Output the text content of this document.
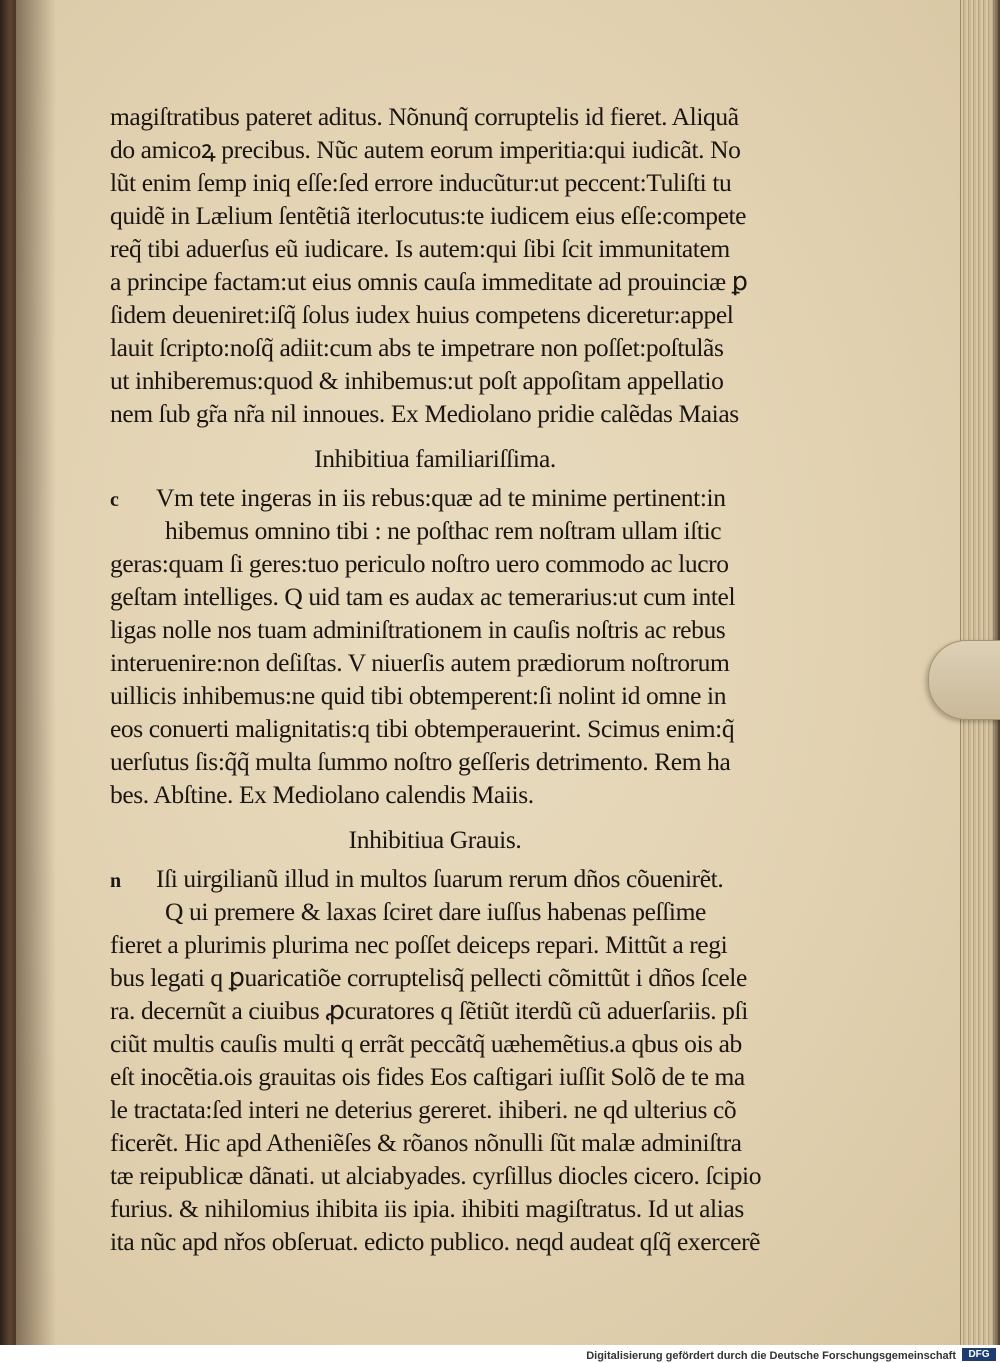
magiſtratibus pateret aditus. Nõnunq̃ corruptelis id fieret. Aliquã
do amicoꝝ precibus. Nũc autem eorum imperitia:qui iudicãt. No
lũt enim ſemp iniq eſſe:ſed errore inducũtur:ut peccent:Tuliſti tu
quidẽ in Lælium ſentẽtiã iterlocutus:te iudicem eius eſſe:compete
req̃ tibi aduerſus eũ iudicare. Is autem:qui ſibi ſcit immunitatem
a principe factam:ut eius omnis cauſa immeditate ad prouinciæ ꝑ
ſidem deueniret:iſq̃ ſolus iudex huius competens diceretur:appel
lauit ſcripto:noſq̃ adiit:cum abs te impetrare non poſſet:poſtulãs
ut inhiberemus:quod & inhibemus:ut poſt appoſitam appellatio
nem ſub gr̃a nr̃a nil innoues. Ex Mediolano pridie calẽdas Maias
Inhibitiua familiariſſima.
c Vm tete ingeras in iis rebus:quæ ad te minime pertinent:in
hibemus omnino tibi : ne poſthac rem noſtram ullam iſtic
geras:quam ſi geres:tuo periculo noſtro uero commodo ac lucro
geſtam intelliges. Q uid tam es audax ac temerarius:ut cum intel
ligas nolle nos tuam adminiſtrationem in cauſis noſtris ac rebus
interuenire:non deſiſtas. V niuerſis autem prædiorum noſtrorum
uillicis inhibemus:ne quid tibi obtemperent:ſi nolint id omne in
eos conuerti malignitatis:q tibi obtemperauerint. Scimus enim:q̃
uerſutus ſis:q̃q̃ multa ſummo noſtro geſſeris detrimento. Rem ha
bes. Abſtine. Ex Mediolano calendis Maiis.
Inhibitiua Grauis.
n Iſi uirgilianũ illud in multos ſuarum rerum dños cõuenirẽt.
Q ui premere & laxas ſciret dare iuſſus habenas peſſime
fieret a plurimis plurima nec poſſet deiceps repari. Mittũt a regi
bus legati q ꝑuaricatiõe corruptelisq̃ pellecti cõmittũt i dños ſcele
ra. decernũt a ciuibus ꝓcuratores q ſẽtiũt iterdũ cũ aduerſariis. pſi
ciũt multis cauſis multi q errãt peccãtq̃ uæhemẽtius.a qbus ois ab
eſt inocẽtia.ois grauitas ois fides Eos caſtigari iuſſit Solõ de te ma
le tractata:ſed interi ne deterius gereret. ihiberi. ne qd ulterius cõ
ficerẽt. Hic apd Atheniẽſes & rõanos nõnulli ſũt malæ adminiſtra
tæ reipublicæ dãnati. ut alciabyades. cyrſillus diocles cicero. ſcipio
furius. & nihilomius ihibita iis ipia. ihibiti magiſtratus. Id ut alias
ita nũc apd nřos obſeruat. edicto publico. neqd audeat qſq̃ exercerẽ
Digitalisierung gefördert durch die Deutsche Forschungsgemeinschaft	DFG
